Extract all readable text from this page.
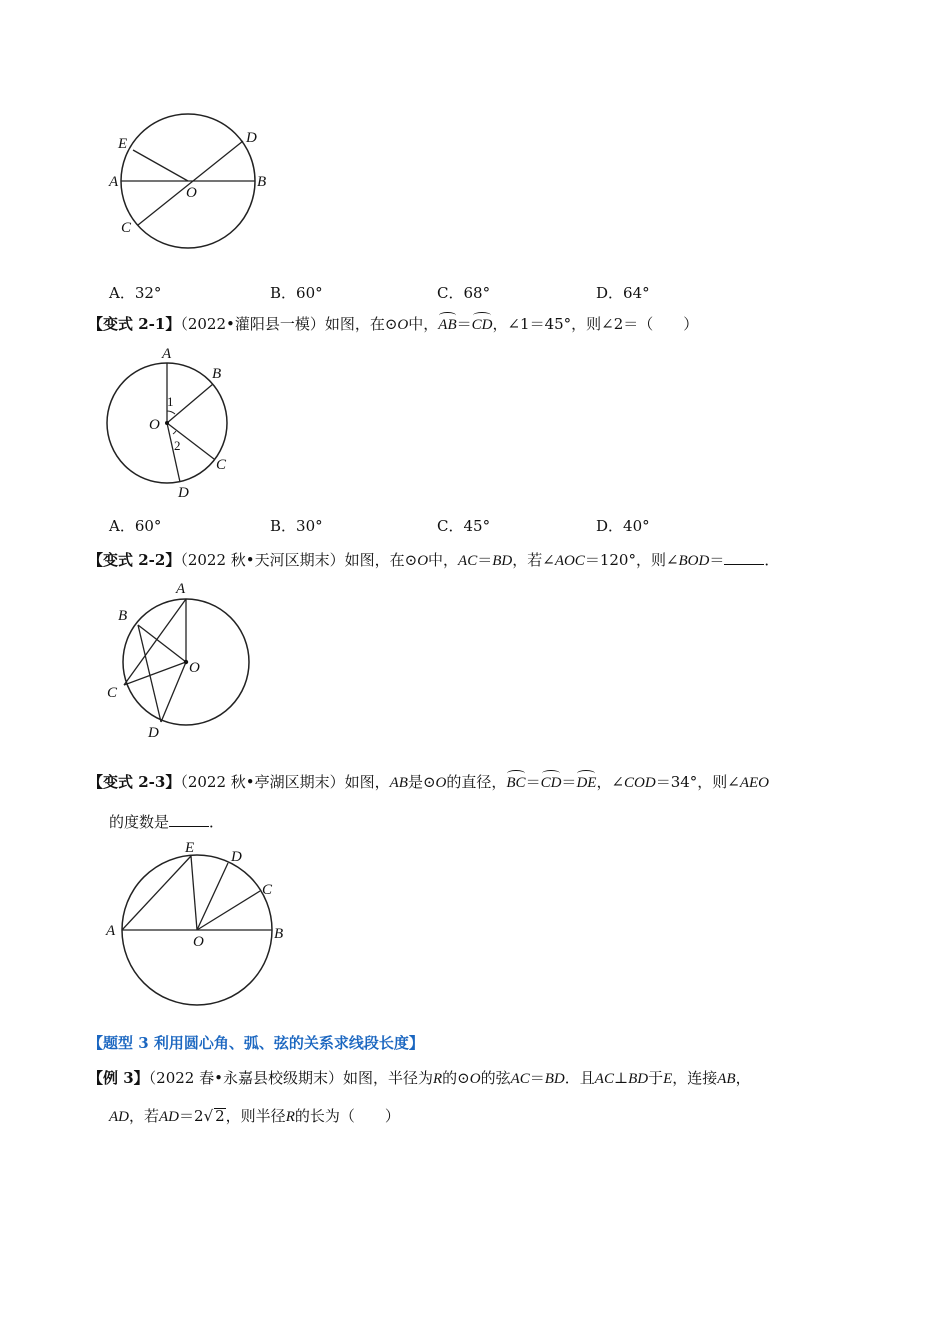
E	D
A
O
B
C
A．32°	B．60°	C．68°	D．64°
【变式 2-1】（2022•灌阳县一模）如图，在⊙O中，AB＝CD，∠1＝45°，则∠2＝（　　）
A
B
O
1
2
C
D
A．60°	B．30°	C．45°	D．40°
【变式 2-2】（2022 秋•天河区期末）如图，在⊙O中，AC＝BD，若∠AOC＝120°，则∠BOD＝	．
A
B
O
C
D
【变式 2-3】（2022 秋•亭湖区期末）如图，AB是⊙O的直径，BC＝CD＝DE，∠COD＝34°，则∠AEO
的度数是	．
E
D
C
A
O	B
【题型 3 利用圆心角、弧、弦的关系求线段长度】
【例 3】（2022 春•永嘉县校级期末）如图，半径为R的⊙O的弦AC＝BD．且AC⊥BD于E，连接AB，
AD，若AD＝2√ 2，则半径R的长为（　　）
